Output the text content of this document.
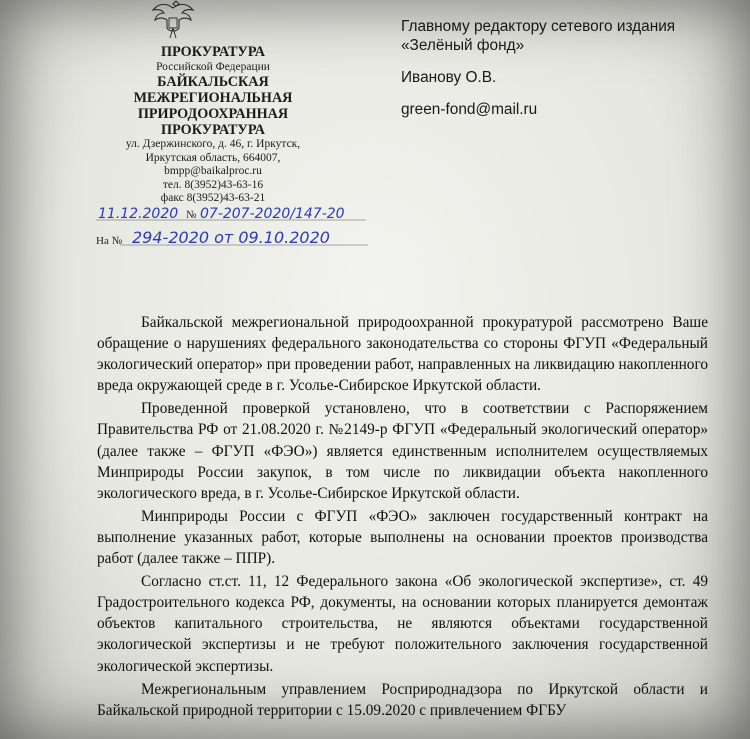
ПРОКУРАТУРА
Российской Федерации
БАЙКАЛЬСКАЯ
МЕЖРЕГИОНАЛЬНАЯ
ПРИРОДООХРАННАЯ
ПРОКУРАТУРА
ул. Дзержинского, д. 46, г. Иркутск,
Иркутская область, 664007,
bmpp@baikalproc.ru
тел. 8(3952)43-63-16
факс 8(3952)43-63-21
Главному редактору сетевого издания
«Зелёный фонд»
Иванову О.В.
green-fond@mail.ru
11.12.2020 № 07-207-2020/147-20
На № 294-2020 от 09.10.2020

Байкальской межрегиональной природоохранной прокуратурой рассмотрено Ваше обращение о нарушениях федерального законодательства со стороны ФГУП «Федеральный экологический оператор» при проведении работ, направленных на ликвидацию накопленного вреда окружающей среде в г. Усолье-Сибирское Иркутской области.

Проведенной проверкой установлено, что в соответствии с Распоряжением Правительства РФ от 21.08.2020 г. №2149-р ФГУП «Федеральный экологический оператор» (далее также – ФГУП «ФЭО») является единственным исполнителем осуществляемых Минприроды России закупок, в том числе по ликвидации объекта накопленного экологического вреда, в г. Усолье-Сибирское Иркутской области.

Минприроды России с ФГУП «ФЭО» заключен государственный контракт на выполнение указанных работ, которые выполнены на основании проектов производства работ (далее также – ППР).

Согласно ст.ст. 11, 12 Федерального закона «Об экологической экспертизе», ст. 49 Градостроительного кодекса РФ, документы, на основании которых планируется демонтаж объектов капитального строительства, не являются объектами государственной экологической экспертизы и не требуют положительного заключения государственной экологической экспертизы.

Межрегиональным управлением Росприроднадзора по Иркутской области и Байкальской природной территории с 15.09.2020 с привлечением ФГБУ
